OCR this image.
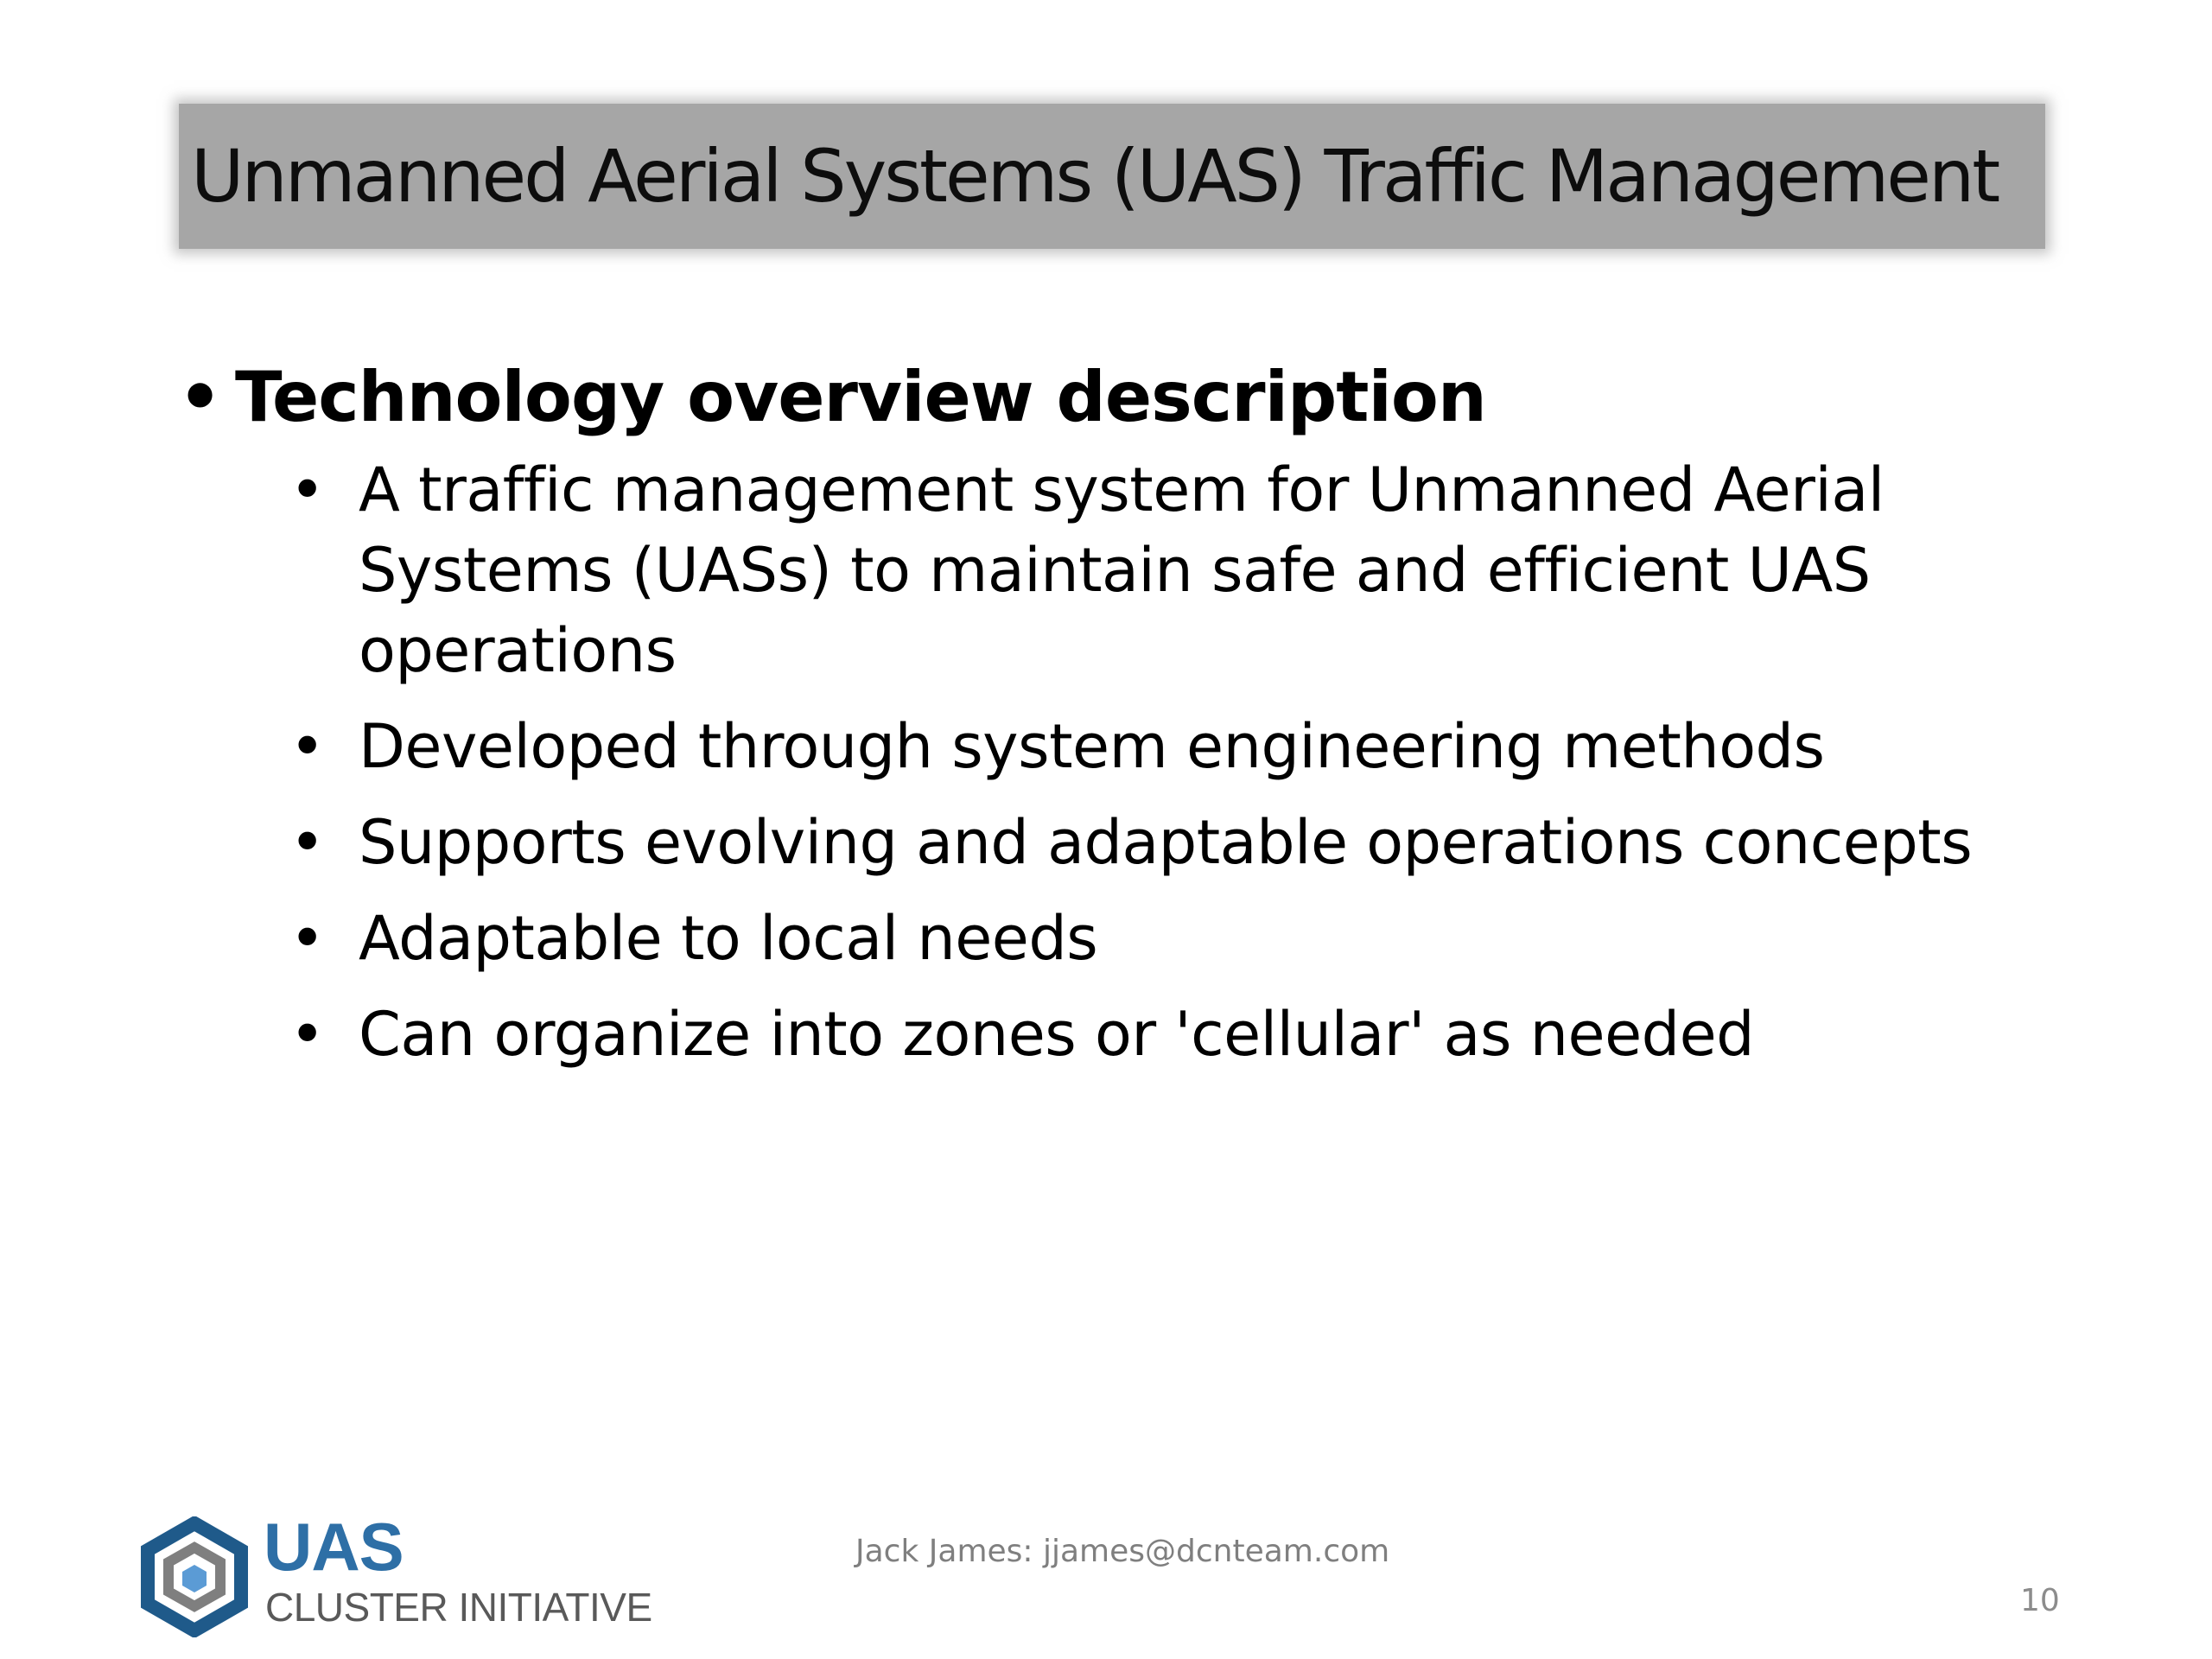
Unmanned Aerial Systems (UAS) Traffic Management
• Technology overview description
• A traffic management system for Unmanned Aerial Systems (UASs) to maintain safe and efficient UAS operations
• Developed through system engineering methods
• Supports evolving and adaptable operations concepts
• Adaptable to local needs
• Can organize into zones or 'cellular' as needed
UAS
CLUSTER INITIATIVE
Jack James: jjames@dcnteam.com
10
